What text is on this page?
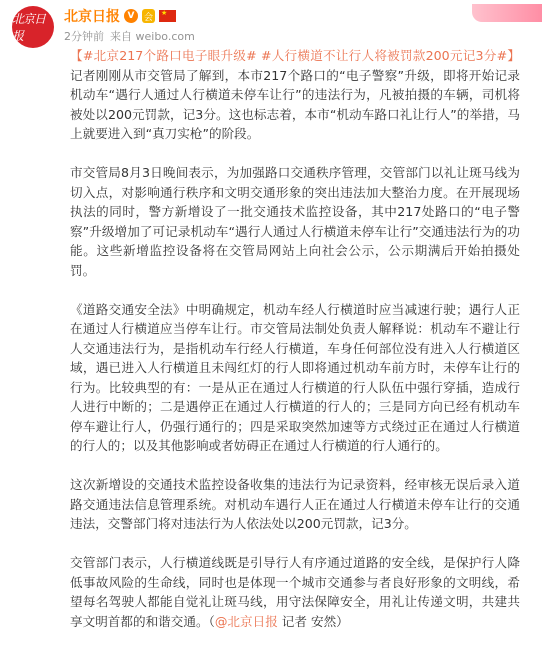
北京日报
北京日报 V	会
★
2分钟前 来自 weibo.com

【#北京217个路口电子眼升级# #人行横道不让行人将被罚款200元记3分#】记者刚刚从市交管局了解到，本市217个路口的“电子警察”升级，即将开始记录机动车“遇行人通过人行横道未停车让行”的违法行为，凡被拍摄的车辆，司机将被处以200元罚款，记3分。这也标志着，本市“机动车路口礼让行人”的举措，马上就要进入到“真刀实枪”的阶段。

市交管局8月3日晚间表示，为加强路口交通秩序管理，交管部门以礼让斑马线为切入点，对影响通行秩序和文明交通形象的突出违法加大整治力度。在开展现场执法的同时，警方新增设了一批交通技术监控设备，其中217处路口的“电子警察”升级增加了可记录机动车“遇行人通过人行横道未停车让行”交通违法行为的功能。这些新增监控设备将在交管局网站上向社会公示，公示期满后开始拍摄处罚。

《道路交通安全法》中明确规定，机动车经人行横道时应当减速行驶；遇行人正在通过人行横道应当停车让行。市交管局法制处负责人解释说：机动车不避让行人交通违法行为，是指机动车行经人行横道，车身任何部位没有进入人行横道区域，遇已进入人行横道且未闯红灯的行人即将通过机动车前方时，未停车让行的行为。比较典型的有：一是从正在通过人行横道的行人队伍中强行穿插，造成行人进行中断的；二是遇停正在通过人行横道的行人的；三是同方向已经有机动车停车避让行人，仍强行通行的；四是采取突然加速等方式绕过正在通过人行横道的行人的；以及其他影响或者妨碍正在通过人行横道的行人通行的。

这次新增设的交通技术监控设备收集的违法行为记录资料，经审核无误后录入道路交通违法信息管理系统。对机动车遇行人正在通过人行横道未停车让行的交通违法，交警部门将对违法行为人依法处以200元罚款，记3分。

交管部门表示，人行横道线既是引导行人有序通过道路的安全线，是保护行人降低事故风险的生命线，同时也是体现一个城市交通参与者良好形象的文明线，希望每名驾驶人都能自觉礼让斑马线，用守法保障安全，用礼让传递文明，共建共享文明首都的和谐交通。（@北京日报 记者 安然）
